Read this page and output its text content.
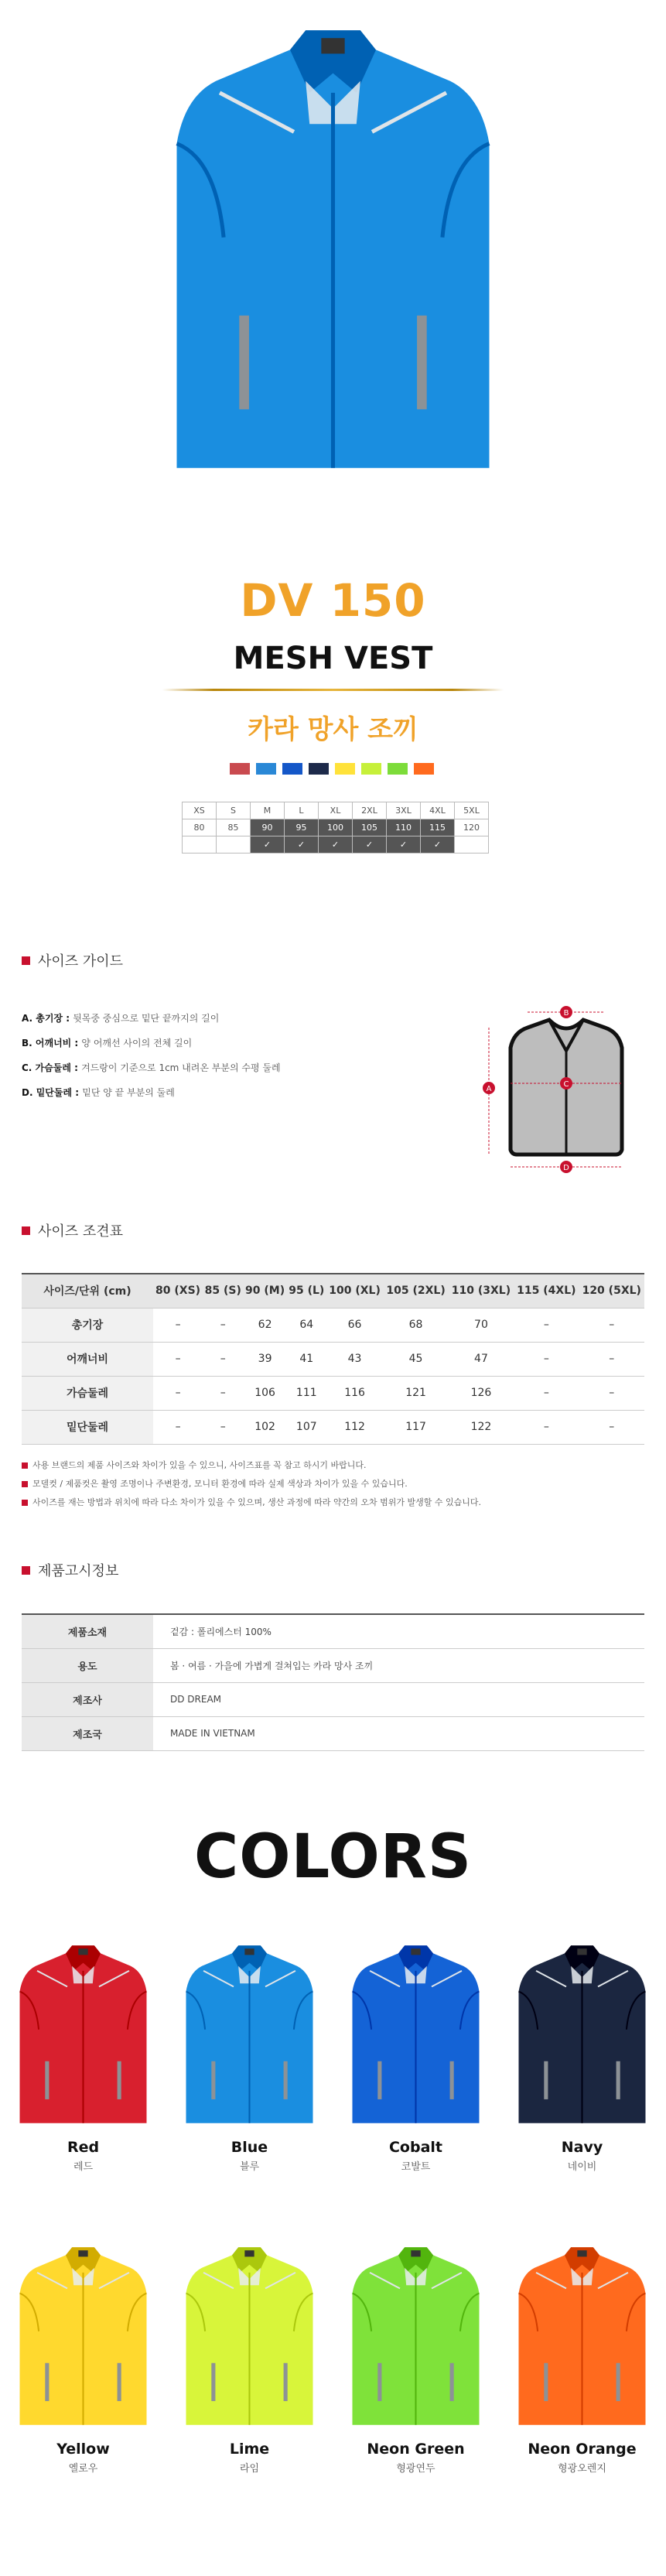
DV 150
MESH VEST
카라 망사 조끼
XS	S	M	L	XL	2XL	3XL	4XL	5XL
80	85	90	95	100	105	110	115	120
		✓	✓	✓	✓	✓	✓	
사이즈 가이드
A. 총기장 : 뒷목중 중심으로 밑단 끝까지의 길이
B. 어깨너비 : 양 어깨선 사이의 전체 길이
C. 가슴둘레 : 겨드랑이 기준으로 1cm 내려온 부분의 수평 둘레
D. 밑단둘레 : 밑단 양 끝 부분의 둘레
B
A
C
D
사이즈 조견표
사이즈/단위 (cm)	80 (XS)	85 (S)	90 (M)	95 (L)	100 (XL)	105 (2XL)	110 (3XL)	115 (4XL)	120 (5XL)
총기장	–	–	62	64	66	68	70	–	–
어깨너비	–	–	39	41	43	45	47	–	–
가슴둘레	–	–	106	111	116	121	126	–	–
밑단둘레	–	–	102	107	112	117	122	–	–
사용 브랜드의 제품 사이즈와 차이가 있을 수 있으니, 사이즈표를 꼭 참고 하시기 바랍니다.
모델컷 / 제품컷은 촬영 조명이나 주변환경, 모니터 환경에 따라 실제 색상과 차이가 있을 수 있습니다.
사이즈를 재는 방법과 위치에 따라 다소 차이가 있을 수 있으며, 생산 과정에 따라 약간의 오차 범위가 발생할 수 있습니다.
제품고시정보
제품소재	겉감 : 폴리에스터 100%
용도	봄 · 여름 · 가을에 가볍게 걸쳐입는 카라 망사 조끼
제조사	DD DREAM
제조국	MADE IN VIETNAM
COLORS
Red
레드
Blue
블루
Cobalt
코발트
Navy
네이비
Yellow
옐로우
Lime
라임
Neon Green
형광연두
Neon Orange
형광오렌지
